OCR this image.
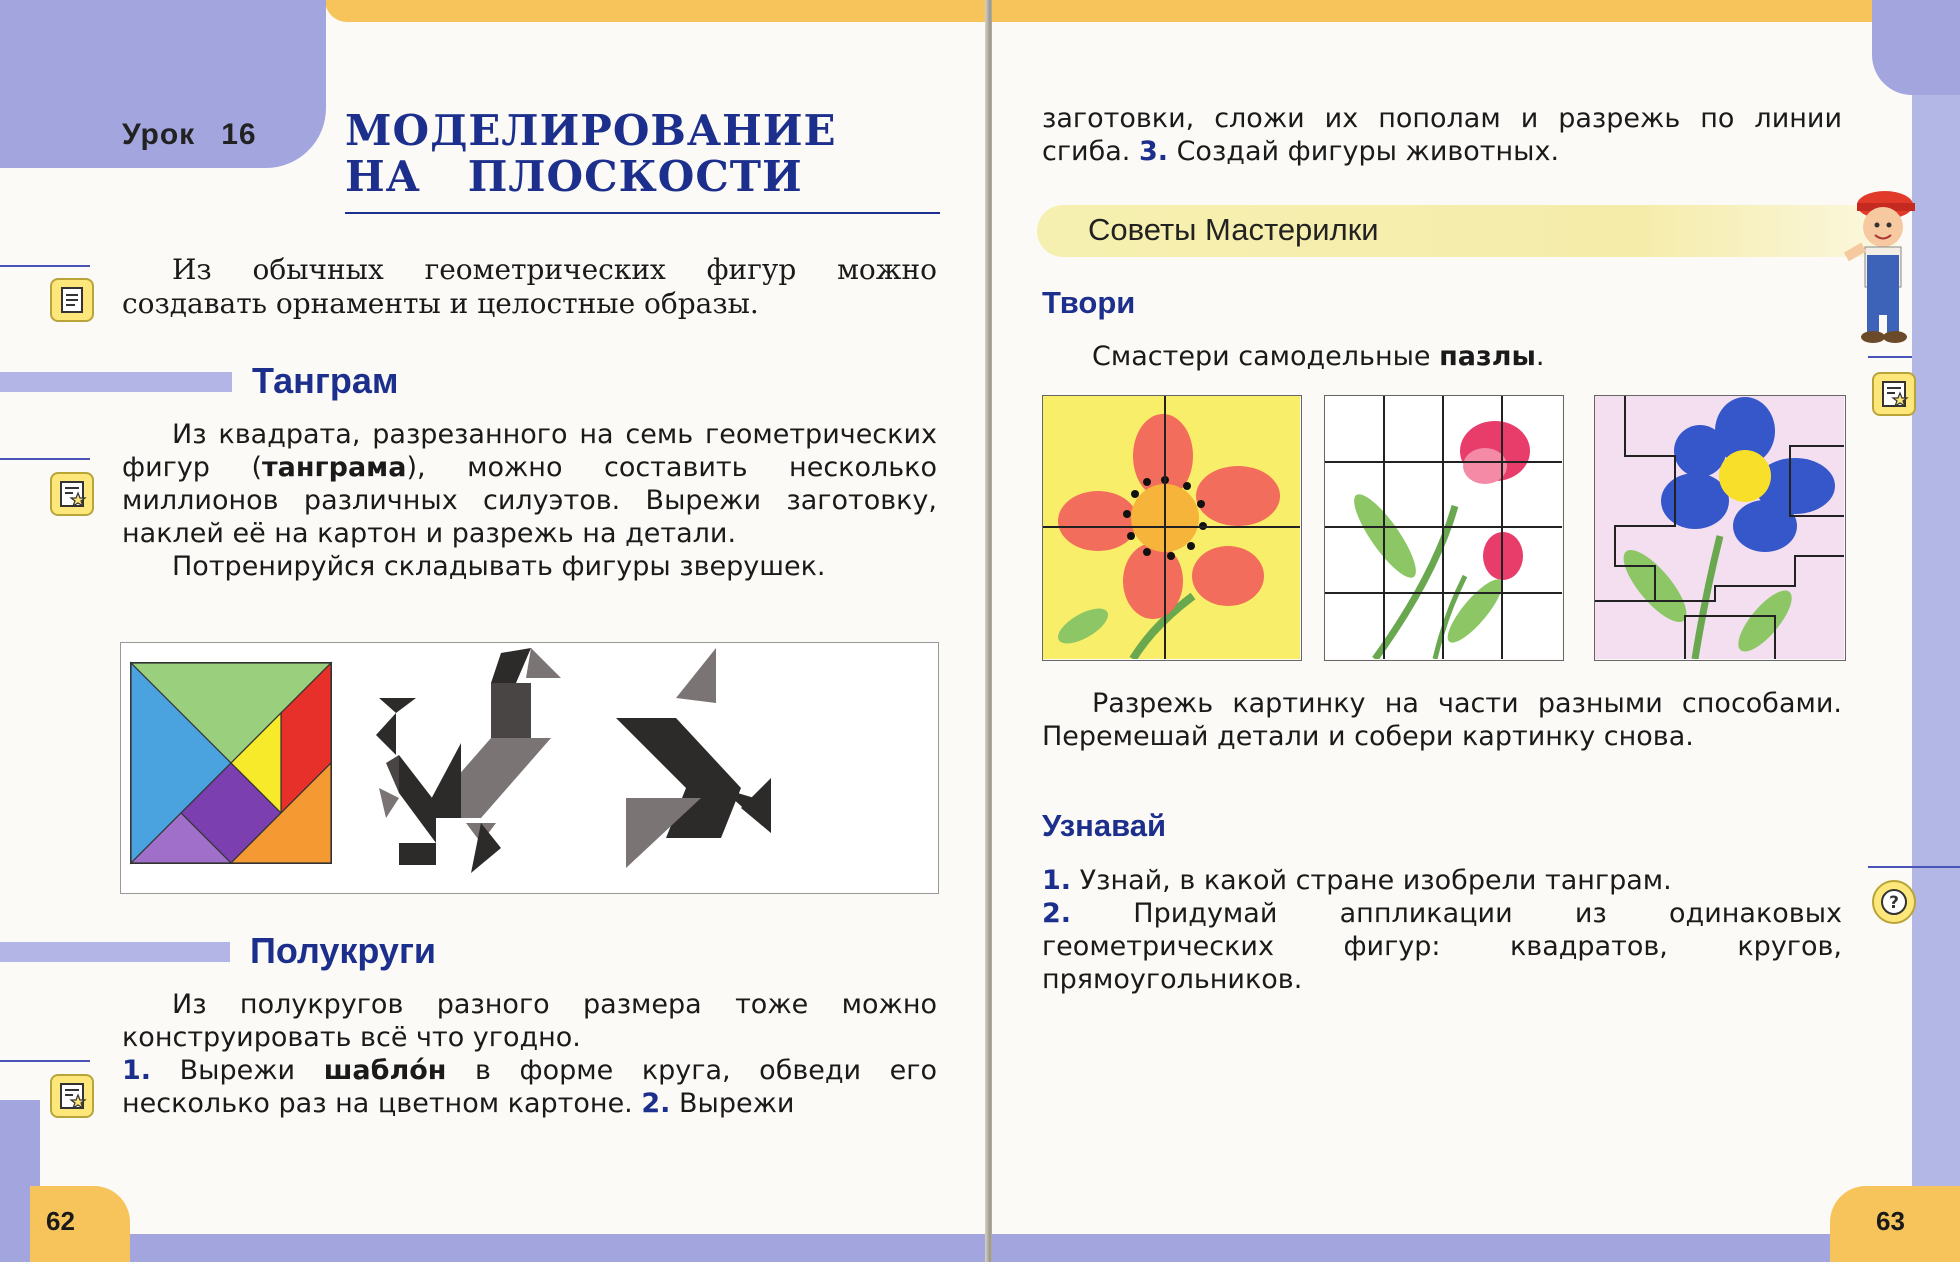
Урок 16 МОДЕЛИРОВАНИЕ
НА   ПЛОСКОСТИ

Из обычных геометрических фигур можно создавать орнаменты и целостные образы.

Танграм

Из квадрата, разрезанного на семь геометрических фигур (танграма), можно составить несколько миллионов различных силуэтов. Вырежи заготовку, наклей её на картон и разрежь на детали.

Потренируйся складывать фигуры зверушек.

Полукруги

Из полукругов разного размера тоже можно конструировать всё что угодно.

1. Вырежи шабло́н в форме круга, обведи его несколько раз на цветном картоне. 2. Вырежи

62

заготовки, сложи их пополам и разрежь по линии сгиба. 3. Создай фигуры животных.

Советы Мастерилки
Твори

Смастери самодельные пазлы.

Разрежь картинку на части разными способами. Перемешай детали и собери картинку снова.

Узнавай
?

1. Узнай, в какой стране изобрели танграм.

2. Придумай аппликации из одинаковых геометрических фигур: квадратов, кругов, прямоугольников.

63
